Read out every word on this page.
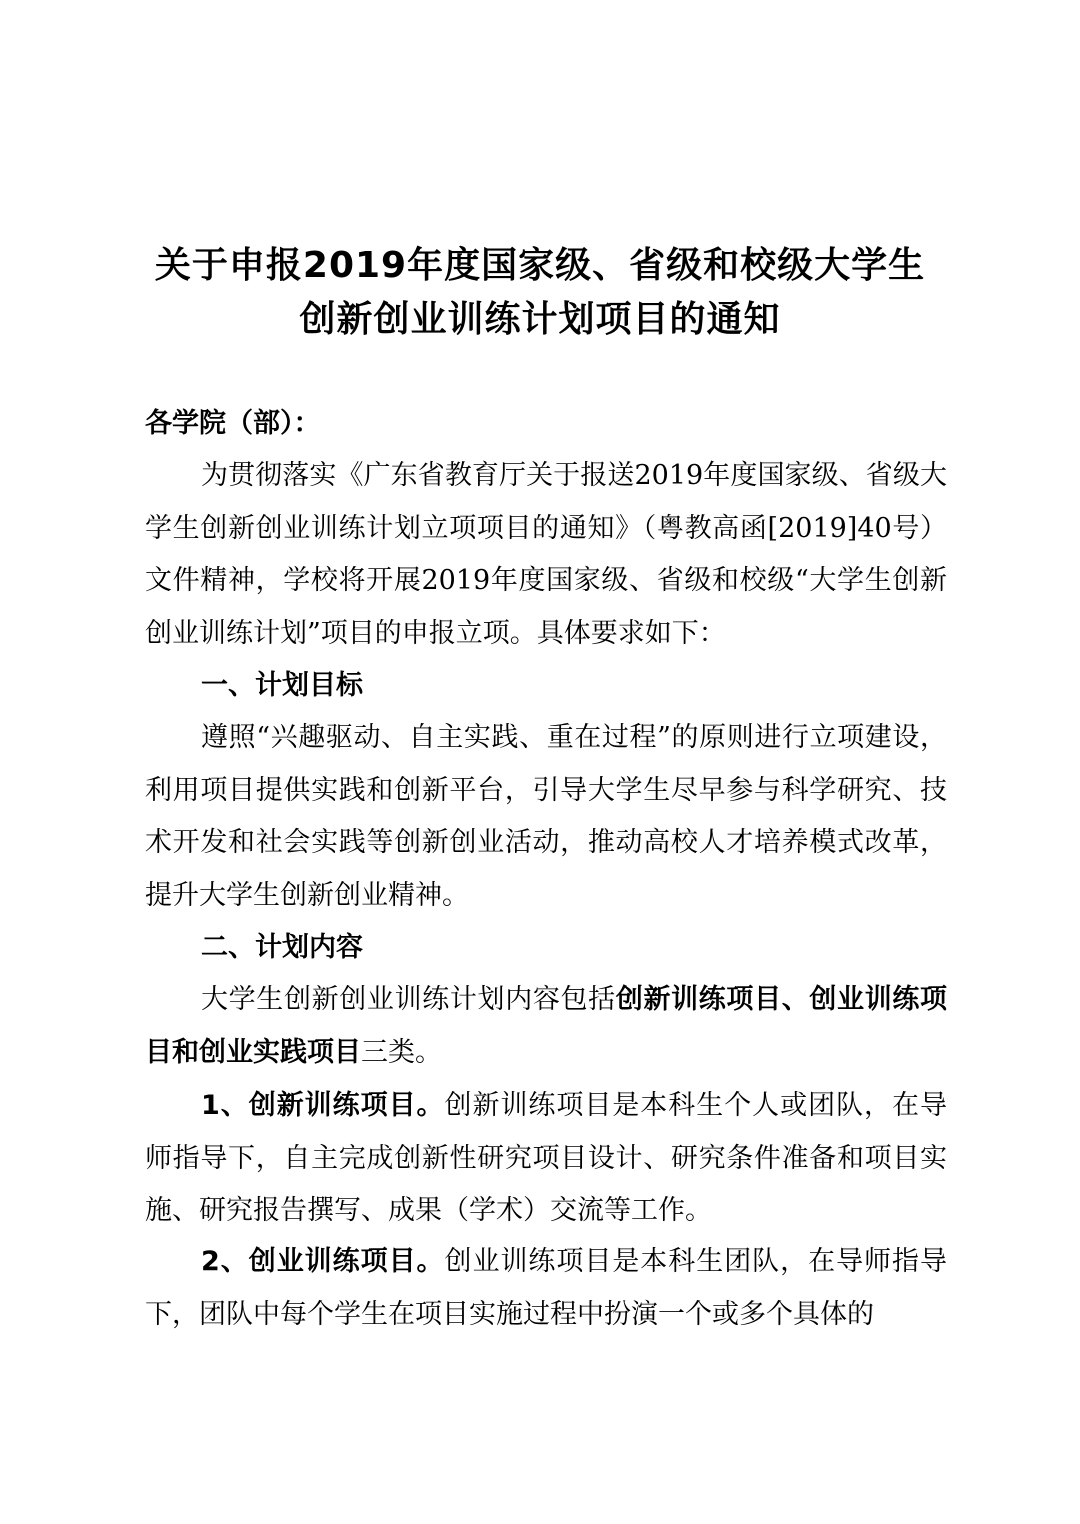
关于申报2019年度国家级、省级和校级大学生
创新创业训练计划项目的通知

各学院（部）：

为贯彻落实《广东省教育厅关于报送2019年度国家级、省级大学生创新创业训练计划立项项目的通知》（粤教高函[2019]40号）文件精神，学校将开展2019年度国家级、省级和校级“大学生创新创业训练计划”项目的申报立项。具体要求如下：

一、计划目标

遵照“兴趣驱动、自主实践、重在过程”的原则进行立项建设，利用项目提供实践和创新平台，引导大学生尽早参与科学研究、技术开发和社会实践等创新创业活动，推动高校人才培养模式改革，提升大学生创新创业精神。

二、计划内容

大学生创新创业训练计划内容包括创新训练项目、创业训练项目和创业实践项目三类。

1、创新训练项目。创新训练项目是本科生个人或团队，在导师指导下，自主完成创新性研究项目设计、研究条件准备和项目实施、研究报告撰写、成果（学术）交流等工作。

2、创业训练项目。创业训练项目是本科生团队，在导师指导下，团队中每个学生在项目实施过程中扮演一个或多个具体的
